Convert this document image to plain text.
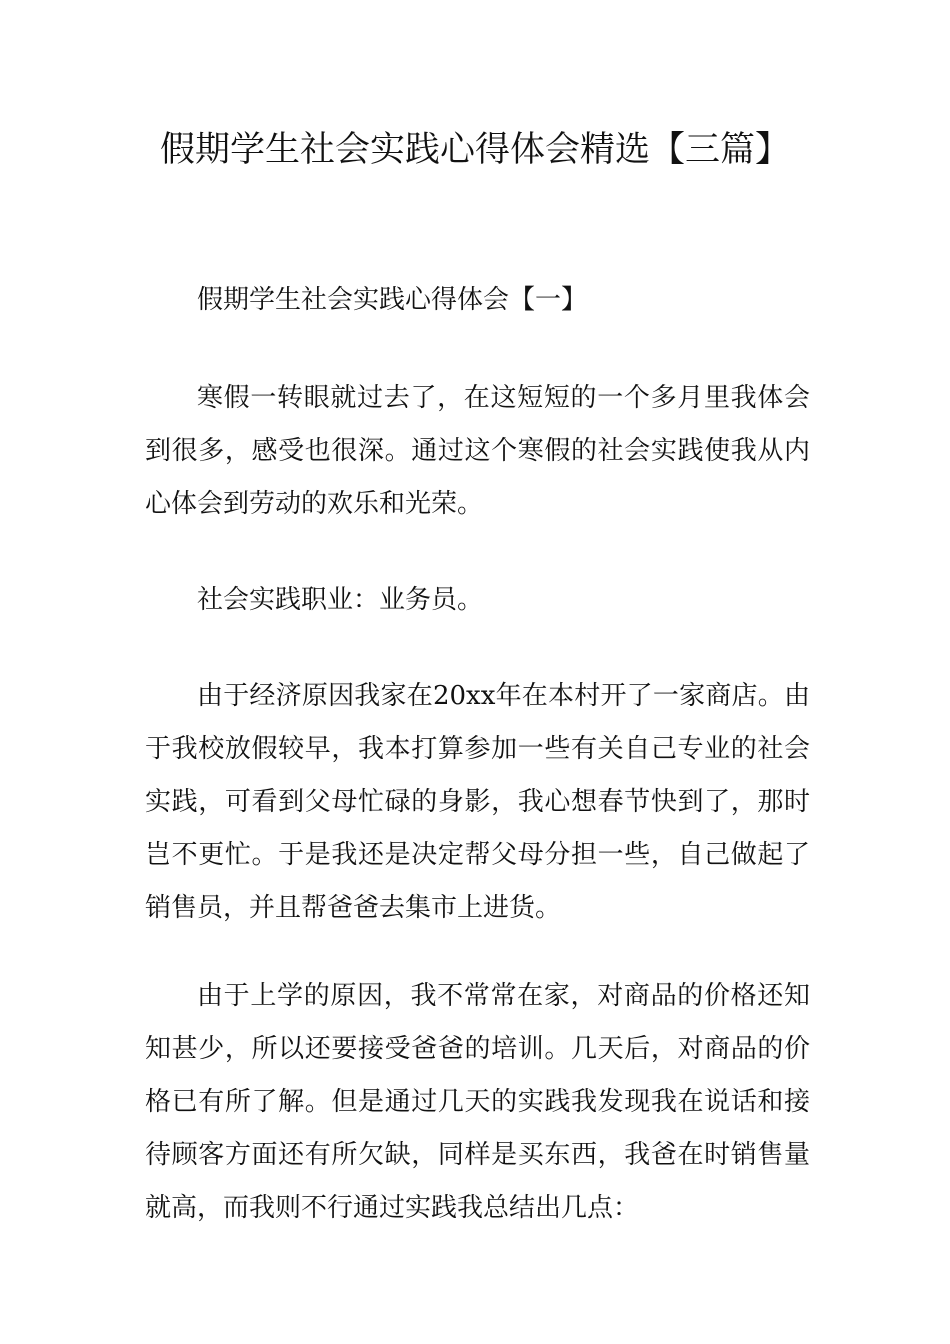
假期学生社会实践心得体会精选【三篇】

假期学生社会实践心得体会【一】

寒假一转眼就过去了，在这短短的一个多月里我体会到很多，感受也很深。通过这个寒假的社会实践使我从内心体会到劳动的欢乐和光荣。

社会实践职业：业务员。

由于经济原因我家在20xx年在本村开了一家商店。由于我校放假较早，我本打算参加一些有关自己专业的社会实践，可看到父母忙碌的身影，我心想春节快到了，那时岂不更忙。于是我还是决定帮父母分担一些，自己做起了销售员，并且帮爸爸去集市上进货。

由于上学的原因，我不常常在家，对商品的价格还知知甚少，所以还要接受爸爸的培训。几天后，对商品的价格已有所了解。但是通过几天的实践我发现我在说话和接待顾客方面还有所欠缺，同样是买东西，我爸在时销售量就高，而我则不行通过实践我总结出几点：
